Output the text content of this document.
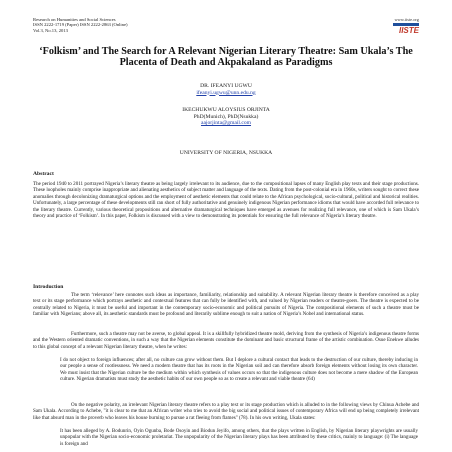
Research on Humanities and Social Sciences
ISSN 2222-1719 (Paper) ISSN 2222-2863 (Online)
Vol.3, No.13, 2013
www.iiste.org
IISTE
‘Folkism’ and The Search for A Relevant Nigerian Literary Theatre: Sam Ukala’s The Placenta of Death and Akpakaland as Paradigms
DR. IFEANYI UGWU
ifeanyi.ugwu@unn.edu.ng
IKECHUKWU ALOYSIUS ORJINTA
PhD(Munich), PhD(Nsukka)
aajorjinta@gmail.com
UNIVERSITY OF NIGERIA, NSUKKA
Abstract
The period 1940 to 2011 portrayed Nigeria’s literary theatre as being largely irrelevant to its audience, due to the compositional lapses of many English play texts and their stage productions. These loopholes mainly comprise inappropriate and alienating aesthetics of subject matter and language of the texts. Dating from the post-colonial era in 1960s, writers sought to correct these anomalies through decolonizing dramaturgical options and the employment of aesthetic elements that could relate to the African psychological, socio-cultural, political and historical realities. Unfortunately, a large percentage of these developments still ran short of fully authoritative and genuinely indigenous Nigerian performance idioms that would have accorded full relevance to the literary theatre. Currently, various theoretical propositions and alternative dramaturgical techniques have emerged as avenues for realizing full relevance, one of which is Sam Ukala’s theory and practice of ‘Folkism’. In this paper, Folkism is discussed with a view to demonstrating its potentials for ensuring the full relevance of Nigeria’s literary theatre.
Introduction
The term ‘relevance’ here connotes such ideas as importance, familiarity, relationship and suitability. A relevant Nigerian literary theatre is therefore conceived as a play text or its stage performance which portrays aesthetic and contextual features that can fully be identified with, and valued by Nigerian readers or theatre-goers. The theatre is expected to be centrally related to Nigeria, it must be useful and important in the contemporary socio-economic and political pursuits of Nigeria. The compositional elements of such a theatre must be familiar with Nigerians; above all, its aesthetic standards must be profound and literarily sublime enough to suit a nation of Nigeria’s Nobel and international status.
Furthermore, such a theatre may not be averse, to global appeal. It is a skillfully hybridized theatre mold, deriving from the synthesis of Nigeria’s indigenous theatre forms and the Western oriented dramatic conventions, in such a way that the Nigerian elements constitute the dominant and basic structural frame of the artistic combination. Osue Enekwe alludes to this global concept of a relevant Nigerian literary theatre, when he writes:
I do not object to foreign influences; after all, no culture can grow without them. But I deplore a cultural contact that leads to the destruction of our culture, thereby inducing in our people a sense of rootlessness. We need a modern theatre that has its roots in the Nigerian soil and can therefore absorb foreign elements without losing its own character. We must insist that the Nigerian culture be the medium within which synthesis of values occurs so that the indigenous culture does not become a mere shadow of the European culture. Nigerian dramatists must study the aesthetic habits of our own people so as to create a relevant and viable theatre (64)
On the negative polarity, an irrelevant Nigerian literary theatre refers to a play text or its stage production which is alluded to in the following views by Chinua Achebe and Sam Ukala. According to Achebe, "it is clear to me that an African writer who tries to avoid the big social and political issues of contemporary Africa will end up being completely irrelevant like that absurd man in the proverb who leaves his house burning to pursue a rat fleeing from flames" (78). In his own writing, Ukala states:
It has been alleged by A. Bodunrin, Oyin Ogunba, Bode Osoyin and Biodun Jeyifo, among others, that the plays written in English, by Nigerian literary playwrights are usually unpopular with the Nigerian socio-economic proletariat. The unpopularity of the Nigerian literary plays has been attributed by these critics, mainly to language: (i) The language is foreign and
